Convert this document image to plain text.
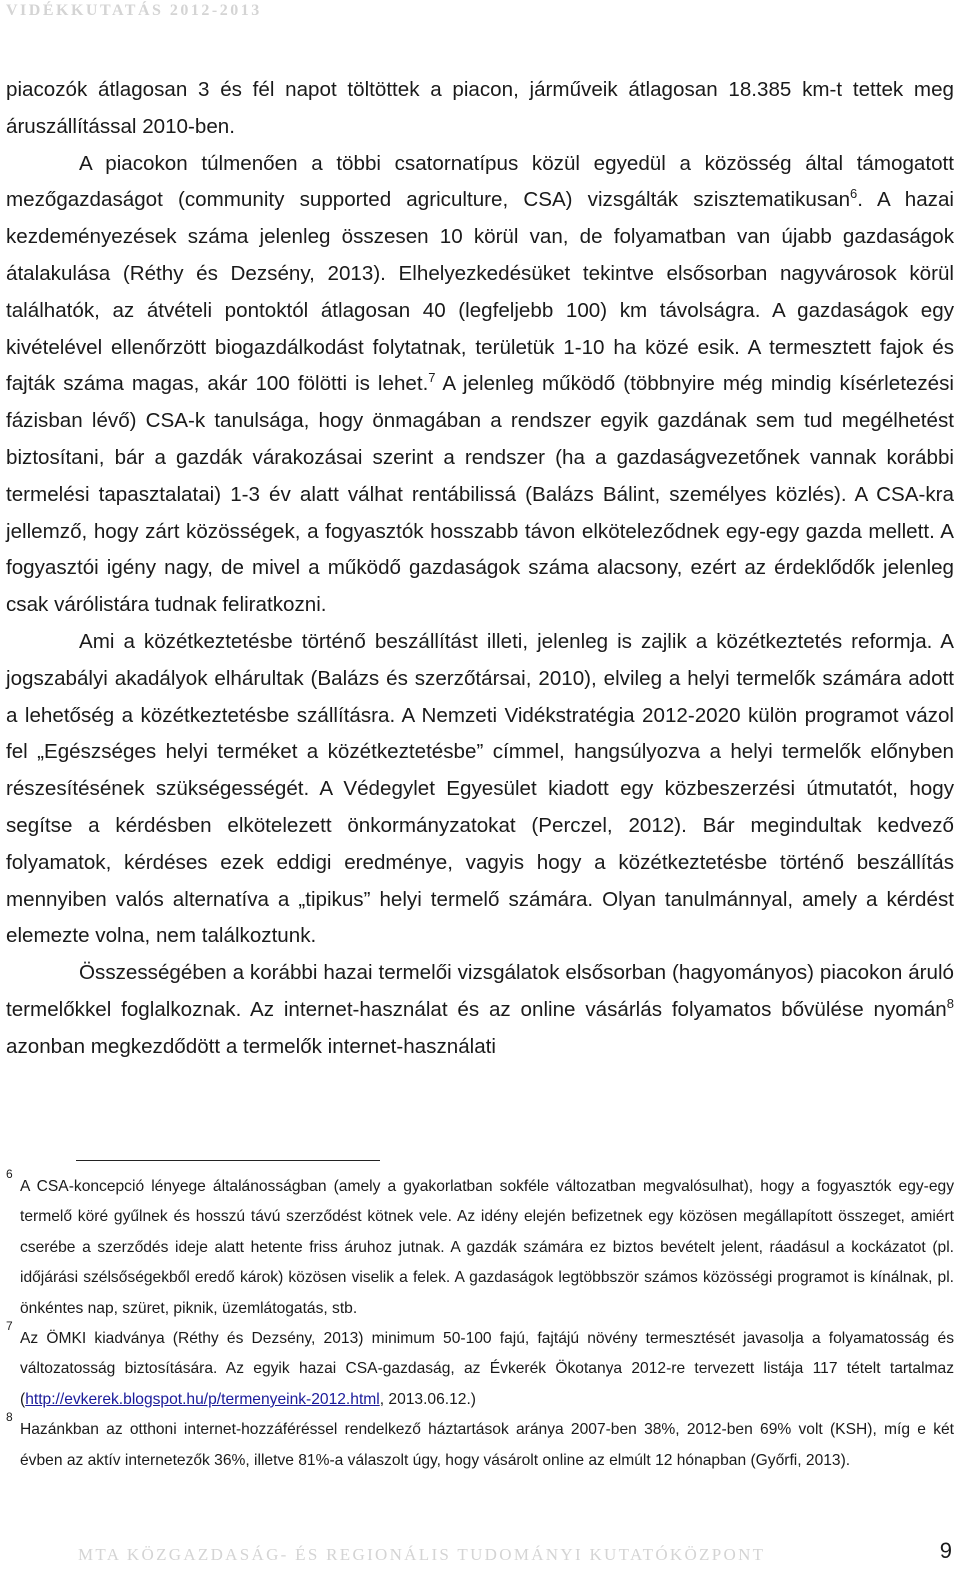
VIDÉKKUTATÁS 2012-2013

piacozók átlagosan 3 és fél napot töltöttek a piacon, járműveik átlagosan 18.385 km-t tettek meg áruszállítással 2010-ben.

A piacokon túlmenően a többi csatornatípus közül egyedül a közösség által támogatott mezőgazdaságot (community supported agriculture, CSA) vizsgálták szisztematikusan$^6$. A hazai kezdeményezések száma jelenleg összesen 10 körül van, de folyamatban van újabb gazdaságok átalakulása (Réthy és Dezsény, 2013). Elhelyezkedésüket tekintve elsősorban nagyvárosok körül találhatók, az átvételi pontoktól átlagosan 40 (legfeljebb 100) km távolságra. A gazdaságok egy kivételével ellenőrzött biogazdálkodást folytatnak, területük 1-10 ha közé esik. A termesztett fajok és fajták száma magas, akár 100 fölötti is lehet.$^7$ A jelenleg működő (többnyire még mindig kísérletezési fázisban lévő) CSA-k tanulsága, hogy önmagában a rendszer egyik gazdának sem tud megélhetést biztosítani, bár a gazdák várakozásai szerint a rendszer (ha a gazdaságvezetőnek vannak korábbi termelési tapasztalatai) 1-3 év alatt válhat rentábilissá (Balázs Bálint, személyes közlés). A CSA-kra jellemző, hogy zárt közösségek, a fogyasztók hosszabb távon elköteleződnek egy-egy gazda mellett. A fogyasztói igény nagy, de mivel a működő gazdaságok száma alacsony, ezért az érdeklődők jelenleg csak várólistára tudnak feliratkozni.

Ami a közétkeztetésbe történő beszállítást illeti, jelenleg is zajlik a közétkeztetés reformja. A jogszabályi akadályok elhárultak (Balázs és szerzőtársai, 2010), elvileg a helyi termelők számára adott a lehetőség a közétkeztetésbe szállításra. A Nemzeti Vidékstratégia 2012-2020 külön programot vázol fel „Egészséges helyi terméket a közétkeztetésbe” címmel, hangsúlyozva a helyi termelők előnyben részesítésének szükségességét. A Védegylet Egyesület kiadott egy közbeszerzési útmutatót, hogy segítse a kérdésben elkötelezett önkormányzatokat (Perczel, 2012). Bár megindultak kedvező folyamatok, kérdéses ezek eddigi eredménye, vagyis hogy a közétkeztetésbe történő beszállítás mennyiben valós alternatíva a „tipikus” helyi termelő számára. Olyan tanulmánnyal, amely a kérdést elemezte volna, nem találkoztunk.

Összességében a korábbi hazai termelői vizsgálatok elsősorban (hagyományos) piacokon áruló termelőkkel foglalkoznak. Az internet-használat és az online vásárlás folyamatos bővülése nyomán$^8$ azonban megkezdődött a termelők internet-használati

6
A CSA-koncepció lényege általánosságban (amely a gyakorlatban sokféle változatban megvalósulhat), hogy a fogyasztók egy-egy termelő köré gyűlnek és hosszú távú szerződést kötnek vele. Az idény elején befizetnek egy közösen megállapított összeget, amiért cserébe a szerződés ideje alatt hetente friss áruhoz jutnak. A gazdák számára ez biztos bevételt jelent, ráadásul a kockázatot (pl. időjárási szélsőségekből eredő károk) közösen viselik a felek. A gazdaságok legtöbbször számos közösségi programot is kínálnak, pl. önkéntes nap, szüret, piknik, üzemlátogatás, stb.

7
Az ÖMKI kiadványa (Réthy és Dezsény, 2013) minimum 50-100 fajú, fajtájú növény termesztését javasolja a folyamatosság és változatosság biztosítására. Az egyik hazai CSA-gazdaság, az Évkerék Ökotanya 2012-re tervezett listája 117 tételt tartalmaz (http://evkerek.blogspot.hu/p/termenyeink-2012.html, 2013.06.12.)

8
Hazánkban az otthoni internet-hozzáféréssel rendelkező háztartások aránya 2007-ben 38%, 2012-ben 69% volt (KSH), míg e két évben az aktív internetezők 36%, illetve 81%-a válaszolt úgy, hogy vásárolt online az elmúlt 12 hónapban (Győrfi, 2013).

MTA KÖZGAZDASÁG- ÉS REGIONÁLIS TUDOMÁNYI KUTATÓKÖZPONT	9
